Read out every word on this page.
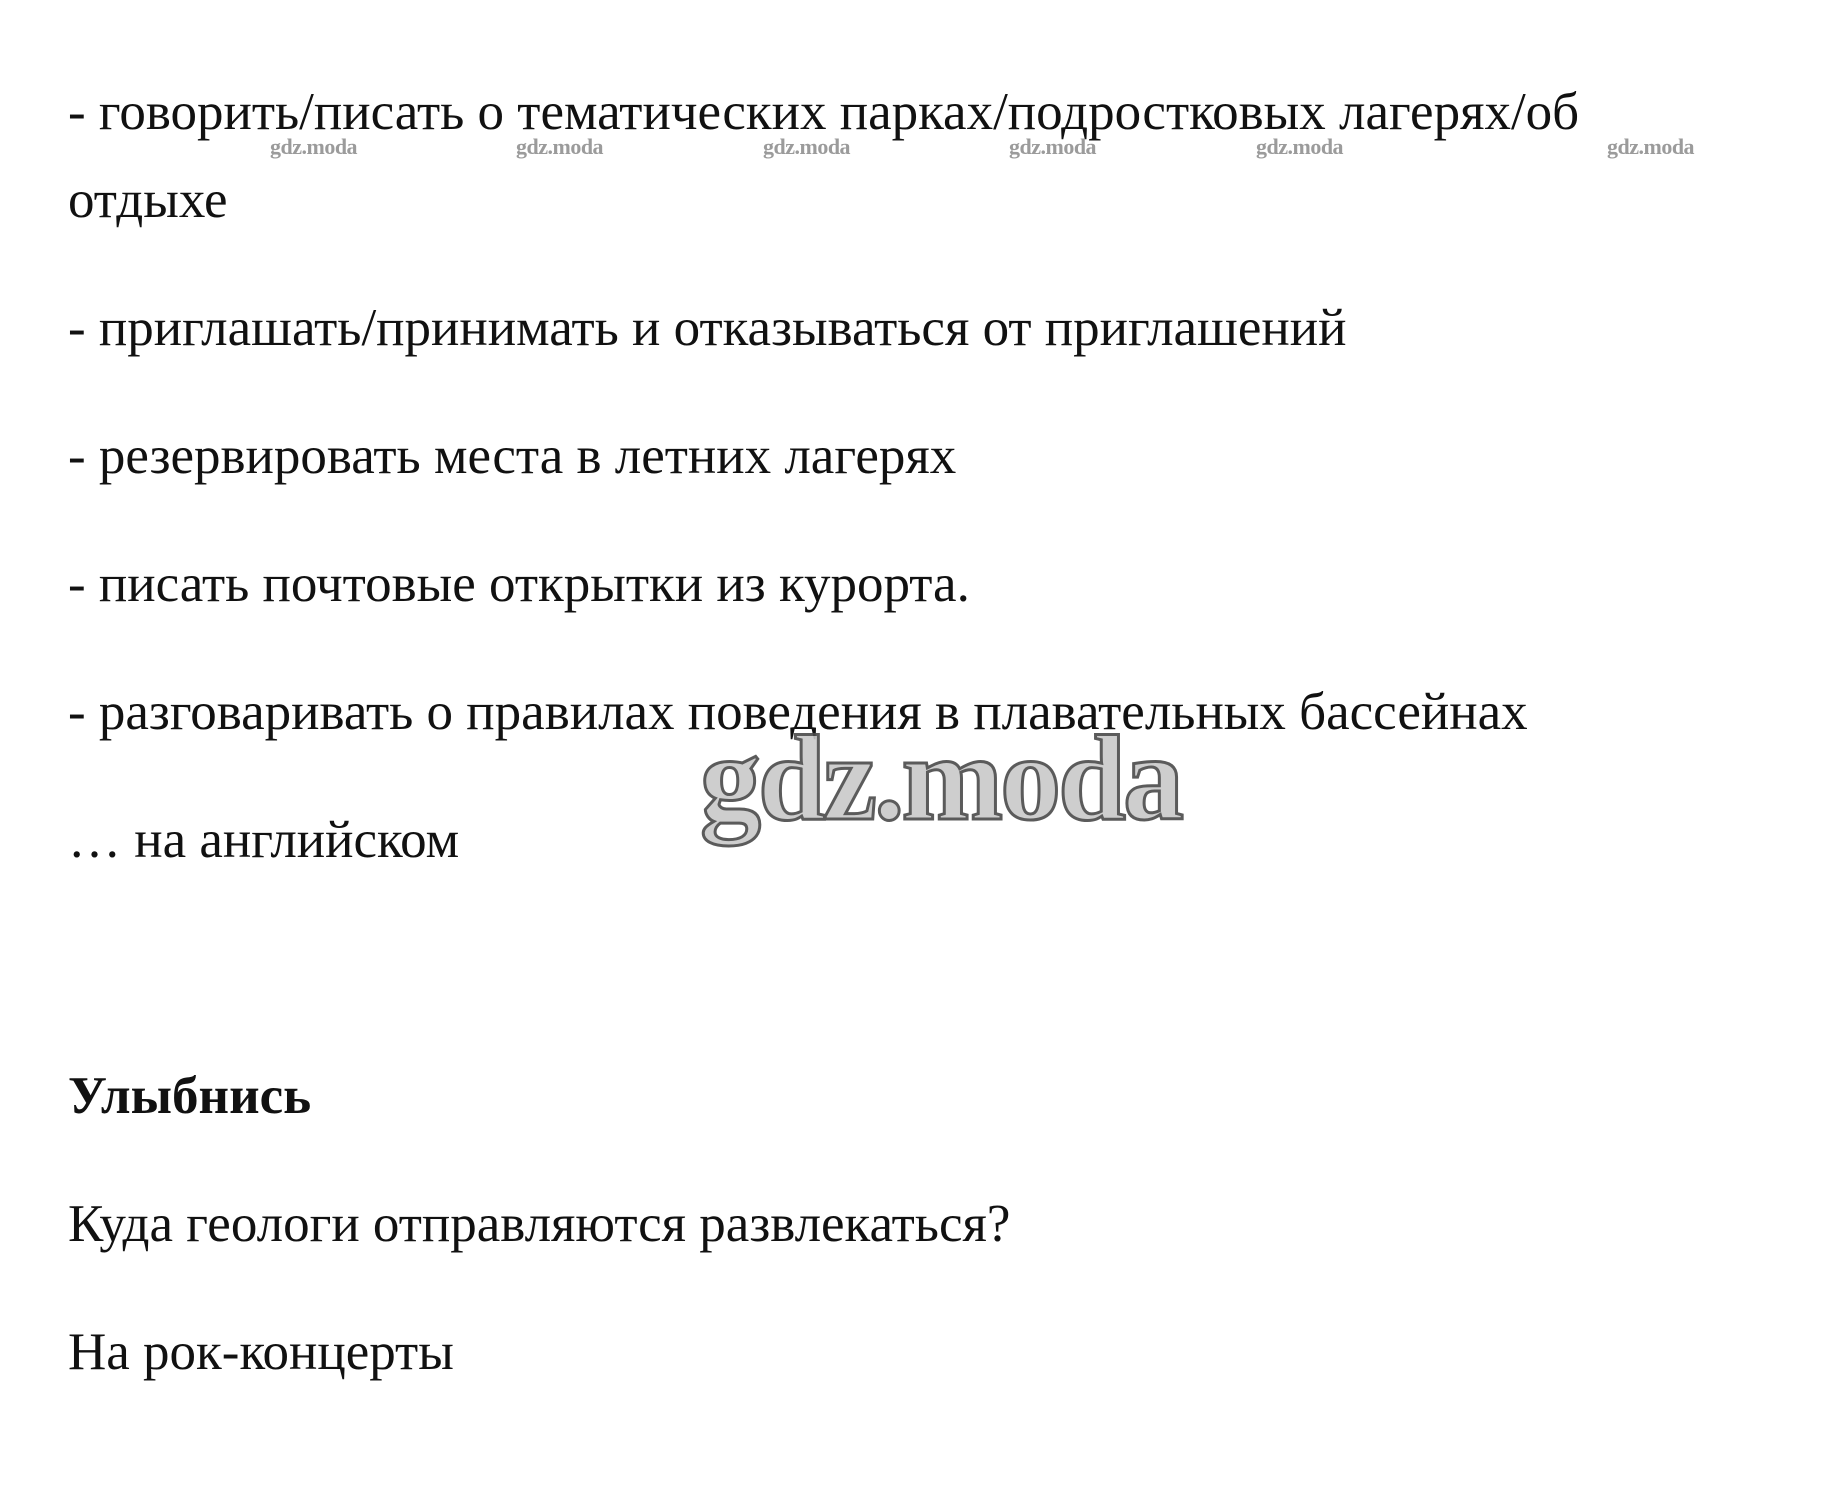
- говорить/писать о тематических парках/подростковых лагерях/об

отдыхе

- приглашать/принимать и отказываться от приглашений

- резервировать места в летних лагерях

- писать почтовые открытки из курорта.

- разговаривать о правилах поведения в плавательных бассейнах

… на английском

Улыбнись

Куда геологи отправляются развлекаться?

На рок-концерты

gdz.moda	gdz.moda	gdz.moda	gdz.moda	gdz.moda	gdz.moda
gdz.moda
